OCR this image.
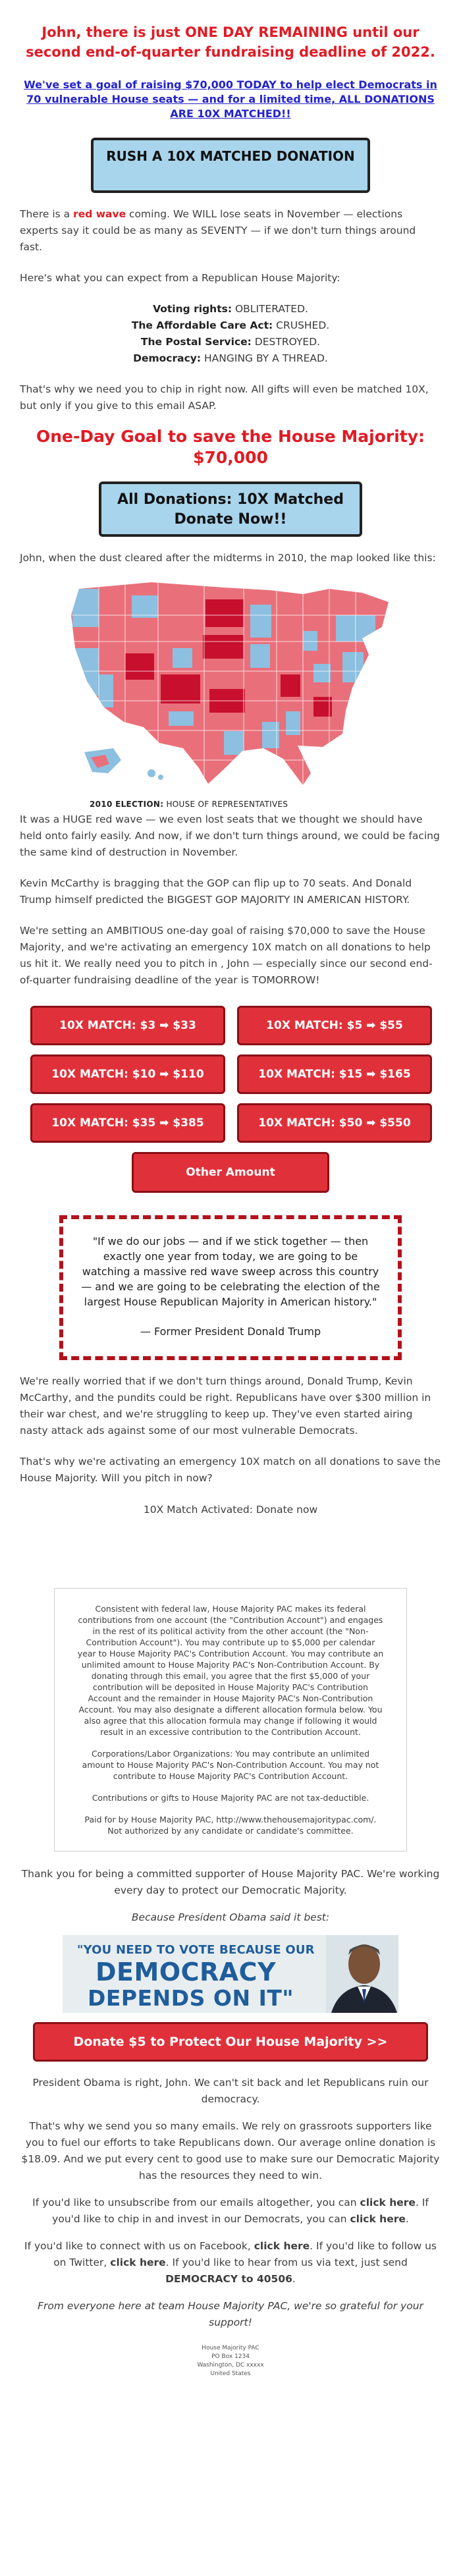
John, there is just ONE DAY REMAINING until our second end-of-quarter fundraising deadline of 2022.
We've set a goal of raising $70,000 TODAY to help elect Democrats in 70 vulnerable House seats — and for a limited time, ALL DONATIONS ARE 10X MATCHED!!
RUSH A 10X MATCHED DONATION

There is a red wave coming. We WILL lose seats in November — elections experts say it could be as many as SEVENTY — if we don't turn things around fast.

Here's what you can expect from a Republican House Majority:

Voting rights: OBLITERATED.
The Affordable Care Act: CRUSHED.
The Postal Service: DESTROYED.
Democracy: HANGING BY A THREAD.

That's why we need you to chip in right now. All gifts will even be matched 10X, but only if you give to this email ASAP.

One-Day Goal to save the House Majority: $70,000
All Donations: 10X Matched Donate Now!!

John, when the dust cleared after the midterms in 2010, the map looked like this:

2010 ELECTION: HOUSE OF REPRESENTATIVES

It was a HUGE red wave — we even lost seats that we thought we should have held onto fairly easily. And now, if we don't turn things around, we could be facing the same kind of destruction in November.

Kevin McCarthy is bragging that the GOP can flip up to 70 seats. And Donald Trump himself predicted the BIGGEST GOP MAJORITY IN AMERICAN HISTORY.

We're setting an AMBITIOUS one-day goal of raising $70,000 to save the House Majority, and we're activating an emergency 10X match on all donations to help us hit it. We really need you to pitch in , John — especially since our second end-of-quarter fundraising deadline of the year is TOMORROW!

10X MATCH: $3 ➡ $33	10X MATCH: $5 ➡ $55
10X MATCH: $10 ➡ $110	10X MATCH: $15 ➡ $165
10X MATCH: $35 ➡ $385	10X MATCH: $50 ➡ $550
Other Amount
"If we do our jobs — and if we stick together — then exactly one year from today, we are going to be watching a massive red wave sweep across this country — and we are going to be celebrating the election of the largest House Republican Majority in American history."
— Former President Donald Trump

We're really worried that if we don't turn things around, Donald Trump, Kevin McCarthy, and the pundits could be right. Republicans have over $300 million in their war chest, and we're struggling to keep up. They've even started airing nasty attack ads against some of our most vulnerable Democrats.

That's why we're activating an emergency 10X match on all donations to save the House Majority. Will you pitch in now?

10X Match Activated: Donate now
Consistent with federal law, House Majority PAC makes its federal contributions from one account (the "Contribution Account") and engages in the rest of its political activity from the other account (the "Non-Contribution Account"). You may contribute up to $5,000 per calendar year to House Majority PAC's Contribution Account. You may contribute an unlimited amount to House Majority PAC's Non-Contribution Account. By donating through this email, you agree that the first $5,000 of your contribution will be deposited in House Majority PAC's Contribution Account and the remainder in House Majority PAC's Non-Contribution Account. You may also designate a different allocation formula below. You also agree that this allocation formula may change if following it would result in an excessive contribution to the Contribution Account.
Corporations/Labor Organizations: You may contribute an unlimited amount to House Majority PAC's Non-Contribution Account. You may not contribute to House Majority PAC's Contribution Account.
Contributions or gifts to House Majority PAC are not tax-deductible.
Paid for by House Majority PAC, http://www.thehousemajoritypac.com/. Not authorized by any candidate or candidate's committee.

Thank you for being a committed supporter of House Majority PAC. We're working every day to protect our Democratic Majority.

Because President Obama said it best:

"YOU NEED TO VOTE BECAUSE OUR
DEMOCRACY
DEPENDS ON IT"
Donate $5 to Protect Our House Majority >>

President Obama is right, John. We can't sit back and let Republicans ruin our democracy.

That's why we send you so many emails. We rely on grassroots supporters like you to fuel our efforts to take Republicans down. Our average online donation is $18.09. And we put every cent to good use to make sure our Democratic Majority has the resources they need to win.

If you'd like to unsubscribe from our emails altogether, you can click here. If you'd like to chip in and invest in our Democrats, you can click here.

If you'd like to connect with us on Facebook, click here. If you'd like to follow us on Twitter, click here. If you'd like to hear from us via text, just send DEMOCRACY to 40506.

From everyone here at team House Majority PAC, we're so grateful for your support!

House Majority PAC
PO Box 1234
Washington, DC xxxxx
United States
